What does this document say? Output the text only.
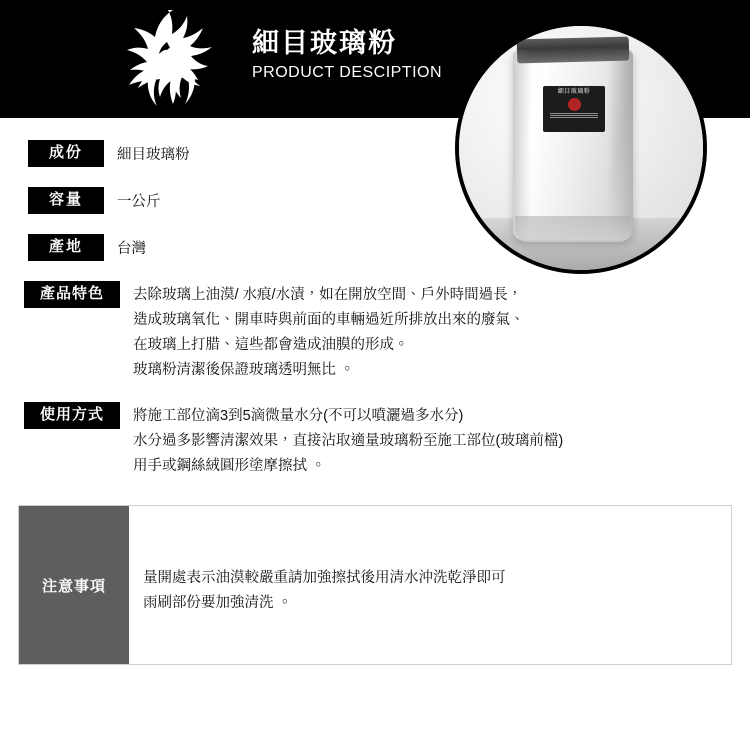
細目玻璃粉
PRODUCT DESCIPTION
細目玻璃粉
成份	細目玻璃粉
容量	一公斤
產地	台灣
產品特色	去除玻璃上油漠/ 水痕/水漬，如在開放空間、戶外時間過長，
造成玻璃氧化、開車時與前面的車輛過近所排放出來的廢氣、
在玻璃上打腊、這些都會造成油膜的形成。
玻璃粉清潔後保證玻璃透明無比 。
使用方式	將施工部位滴3到5滴微量水分(不可以噴灑過多水分)
水分過多影響清潔效果，直接沾取適量玻璃粉至施工部位(玻璃前檔)
用手或鋼絲絨圓形塗摩擦拭 。
注意事項	量開處表示油漠較嚴重請加強擦拭後用清水沖洗乾淨即可
雨刷部份要加強清洗 。
